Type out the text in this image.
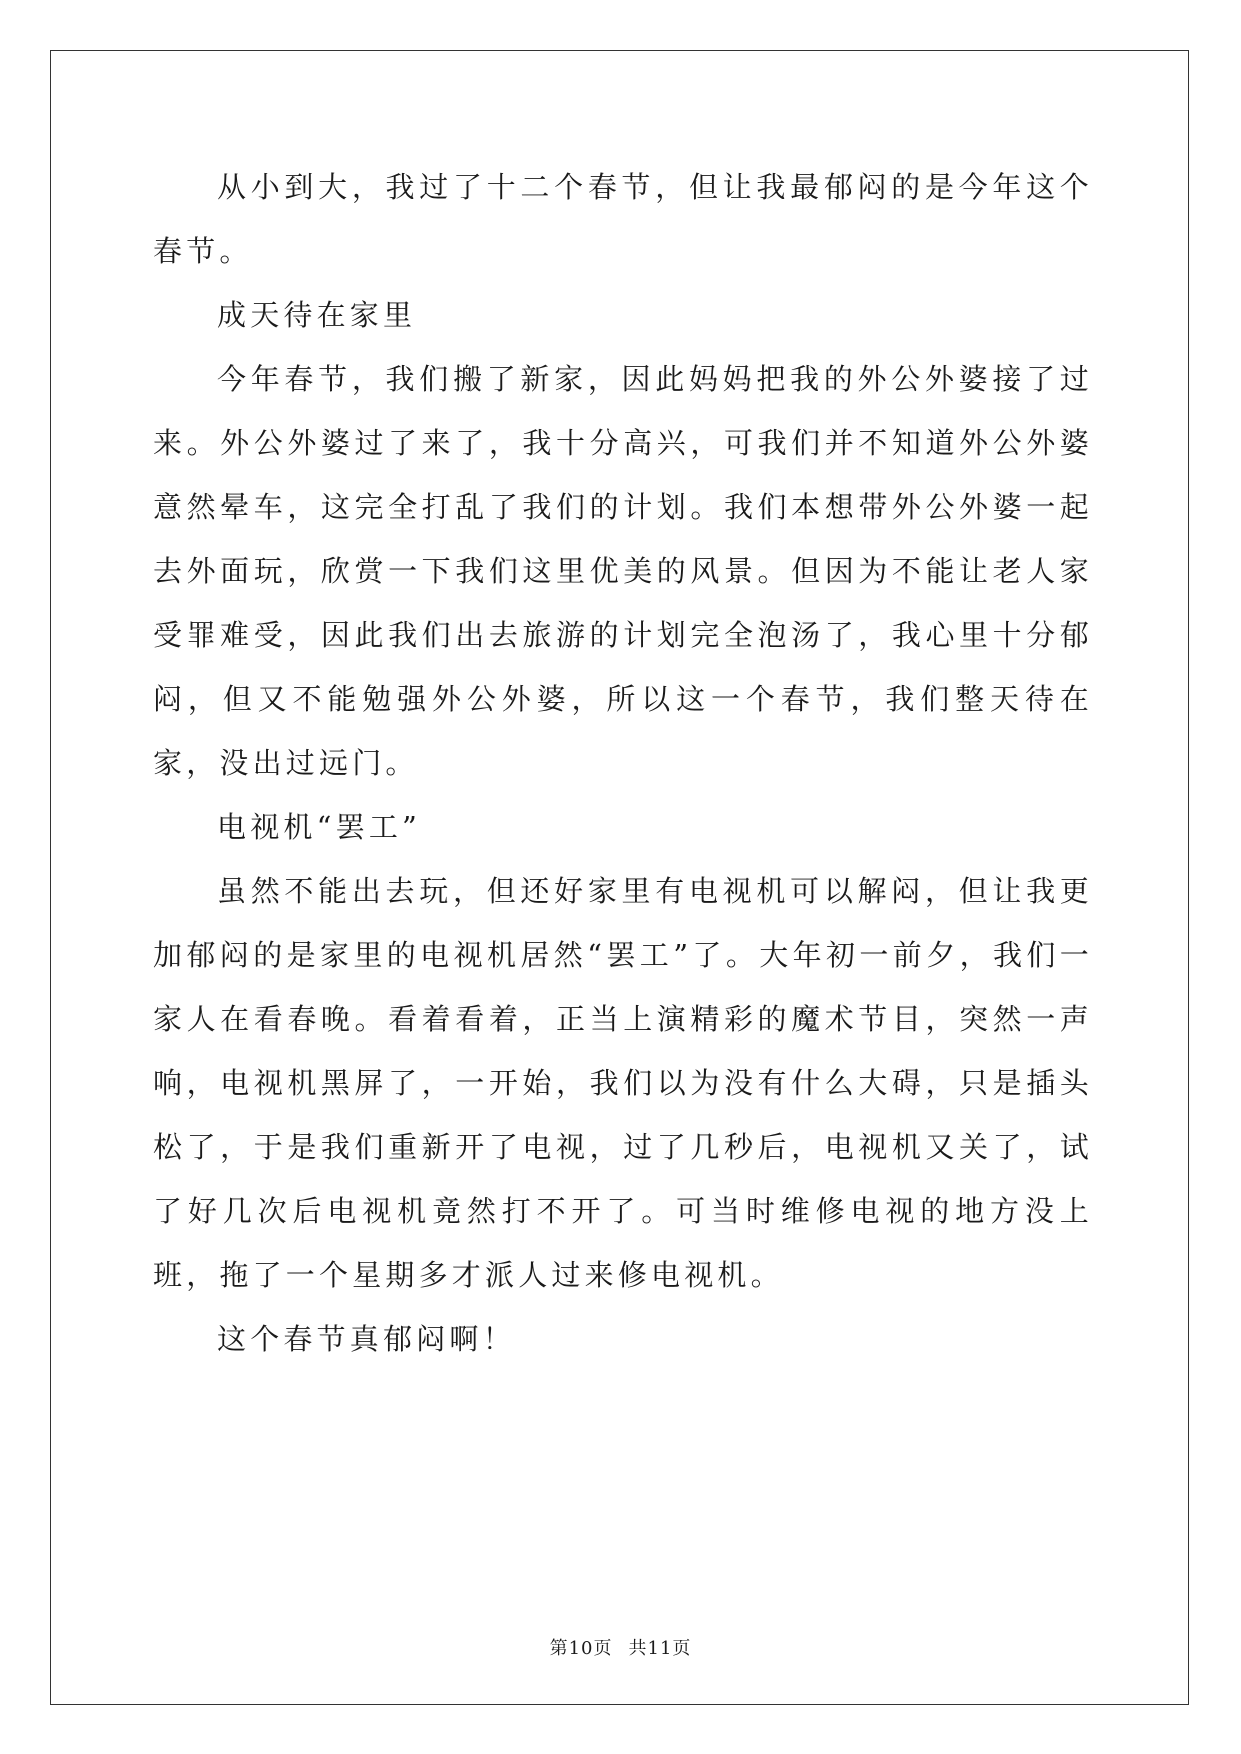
从小到大，我过了十二个春节，但让我最郁闷的是今年这个春节。

成天待在家里

今年春节，我们搬了新家，因此妈妈把我的外公外婆接了过来。外公外婆过了来了，我十分高兴，可我们并不知道外公外婆意然晕车，这完全打乱了我们的计划。我们本想带外公外婆一起去外面玩，欣赏一下我们这里优美的风景。但因为不能让老人家受罪难受，因此我们出去旅游的计划完全泡汤了，我心里十分郁闷，但又不能勉强外公外婆，所以这一个春节，我们整天待在家，没出过远门。

电视机“罢工”

虽然不能出去玩，但还好家里有电视机可以解闷，但让我更加郁闷的是家里的电视机居然“罢工”了。大年初一前夕，我们一家人在看春晚。看着看着，正当上演精彩的魔术节目，突然一声响，电视机黑屏了，一开始，我们以为没有什么大碍，只是插头松了，于是我们重新开了电视，过了几秒后，电视机又关了，试了好几次后电视机竟然打不开了。可当时维修电视的地方没上班，拖了一个星期多才派人过来修电视机。

这个春节真郁闷啊！

第10页 共11页
